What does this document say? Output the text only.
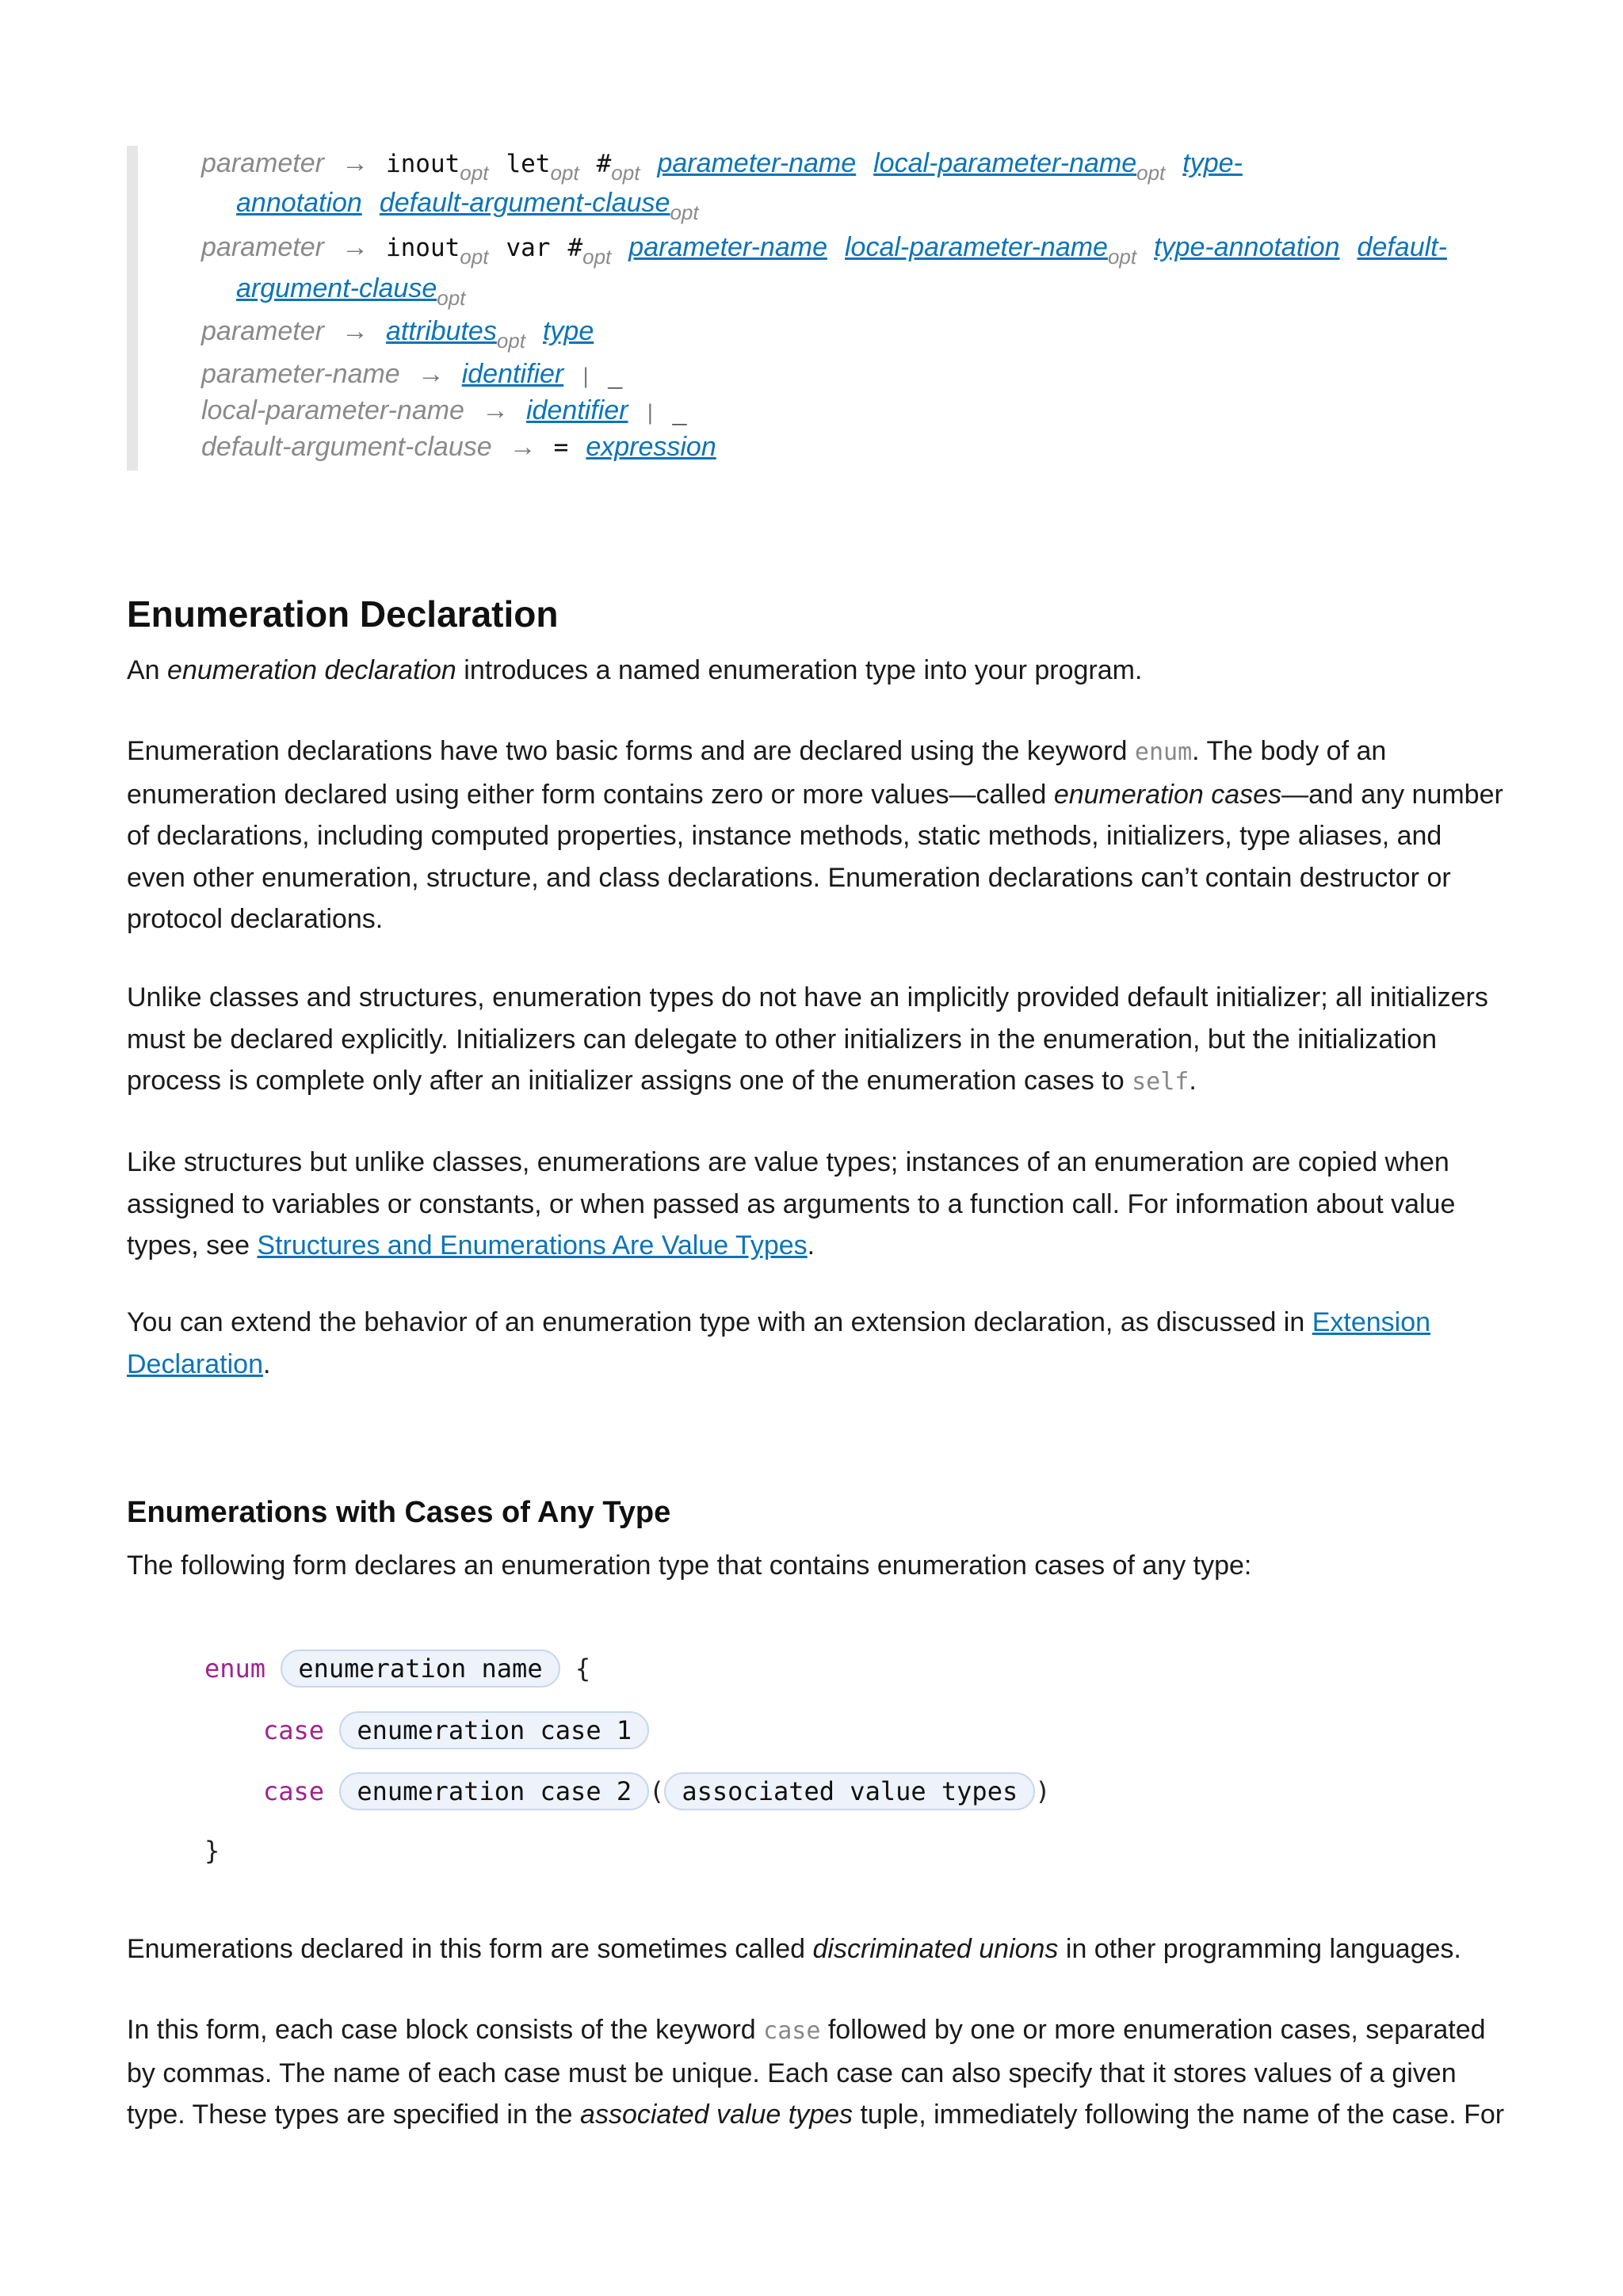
parameter → inout$_{opt}$ let$_{opt}$ $\#_{opt}$ parameter-name local-parameter-name$_{opt}$ type-
annotation default-argument-clause$_{opt}$
parameter → inout$_{opt}$ var $\#_{opt}$ parameter-name local-parameter-name$_{opt}$ type-annotation default-
argument-clause$_{opt}$
parameter → attributes$_{opt}$ type
parameter-name → identifier | _
local-parameter-name → identifier | _
default-argument-clause → = expression
Enumeration Declaration

An enumeration declaration introduces a named enumeration type into your program.

Enumeration declarations have two basic forms and are declared using the keyword enum. The body of an enumeration declared using either form contains zero or more values—called enumeration cases—and any number of declarations, including computed properties, instance methods, static methods, initializers, type aliases, and even other enumeration, structure, and class declarations. Enumeration declarations can’t contain destructor or protocol declarations.

Unlike classes and structures, enumeration types do not have an implicitly provided default initializer; all initializers must be declared explicitly. Initializers can delegate to other initializers in the enumeration, but the initialization process is complete only after an initializer assigns one of the enumeration cases to self.

Like structures but unlike classes, enumerations are value types; instances of an enumeration are copied when assigned to variables or constants, or when passed as arguments to a function call. For information about value types, see Structures and Enumerations Are Value Types.

You can extend the behavior of an enumeration type with an extension declaration, as discussed in Extension Declaration.

Enumerations with Cases of Any Type

The following form declares an enumeration type that contains enumeration cases of any type:

enum enumeration name {
case enumeration case 1
case enumeration case 2 ( associated value types )
}

Enumerations declared in this form are sometimes called discriminated unions in other programming languages.

In this form, each case block consists of the keyword case followed by one or more enumeration cases, separated by commas. The name of each case must be unique. Each case can also specify that it stores values of a given type. These types are specified in the associated value types tuple, immediately following the name of the case. For
